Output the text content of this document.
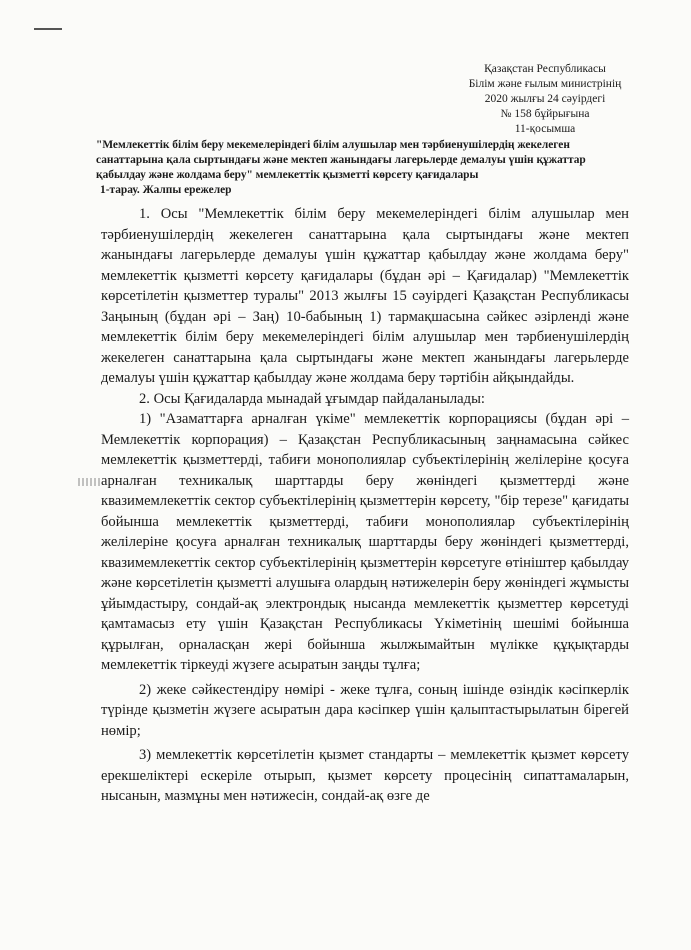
Қазақстан Республикасы
Білім және ғылым министрінің
2020 жылғы 24 сәуірдегі
№ 158 бұйрығына
11-қосымша
"Мемлекеттік білім беру мекемелеріндегі білім алушылар мен тәрбиенушілердің жекелеген санаттарына қала сыртындағы және мектеп жанындағы лагерьлерде демалуы үшін құжаттар қабылдау және жолдама беру" мемлекеттік қызметті көрсету қағидалары
1-тарау. Жалпы ережелер

1. Осы "Мемлекеттік білім беру мекемелеріндегі білім алушылар мен тәрбиенушілердің жекелеген санаттарына қала сыртындағы және мектеп жанындағы лагерьлерде демалуы үшін құжаттар қабылдау және жолдама беру" мемлекеттік қызметті көрсету қағидалары (бұдан әрі – Қағидалар) "Мемлекеттік көрсетілетін қызметтер туралы" 2013 жылғы 15 сәуірдегі Қазақстан Республикасы Заңының (бұдан әрі – Заң) 10-бабының 1) тармақшасына сәйкес әзірленді және мемлекеттік білім беру мекемелеріндегі білім алушылар мен тәрбиенушілердің жекелеген санаттарына қала сыртындағы және мектеп жанындағы лагерьлерде демалуы үшін құжаттар қабылдау және жолдама беру тәртібін айқындайды.

2. Осы Қағидаларда мынадай ұғымдар пайдаланылады:

1) "Азаматтарға арналған үкіме" мемлекеттік корпорациясы (бұдан әрі – Мемлекеттік корпорация) – Қазақстан Республикасының заңнамасына сәйкес мемлекеттік қызметтерді, табиғи монополиялар субъектілерінің желілеріне қосуға арналған техникалық шарттарды беру жөніндегі қызметтерді және квазимемлекеттік сектор субъектілерінің қызметтерін көрсету, "бір терезе" қағидаты бойынша мемлекеттік қызметтерді, табиғи монополиялар субъектілерінің желілеріне қосуға арналған техникалық шарттарды беру жөніндегі қызметтерді, квазимемлекеттік сектор субъектілерінің қызметтерін көрсетуге өтініштер қабылдау және көрсетілетін қызметті алушыға олардың нәтижелерін беру жөніндегі жұмысты ұйымдастыру, сондай-ақ электрондық нысанда мемлекеттік қызметтер көрсетуді қамтамасыз ету үшін Қазақстан Республикасы Үкіметінің шешімі бойынша құрылған, орналасқан жері бойынша жылжымайтын мүлікке құқықтарды мемлекеттік тіркеуді жүзеге асыратын заңды тұлға;

2) жеке сәйкестендіру нөмірі - жеке тұлға, соның ішінде өзіндік кәсіпкерлік түрінде қызметін жүзеге асыратын дара кәсіпкер үшін қалыптастырылатын бірегей нөмір;

3) мемлекеттік көрсетілетін қызмет стандарты – мемлекеттік қызмет көрсету ерекшеліктері ескеріле отырып, қызмет көрсету процесінің сипаттамаларын, нысанын, мазмұны мен нәтижесін, сондай-ақ өзге де
